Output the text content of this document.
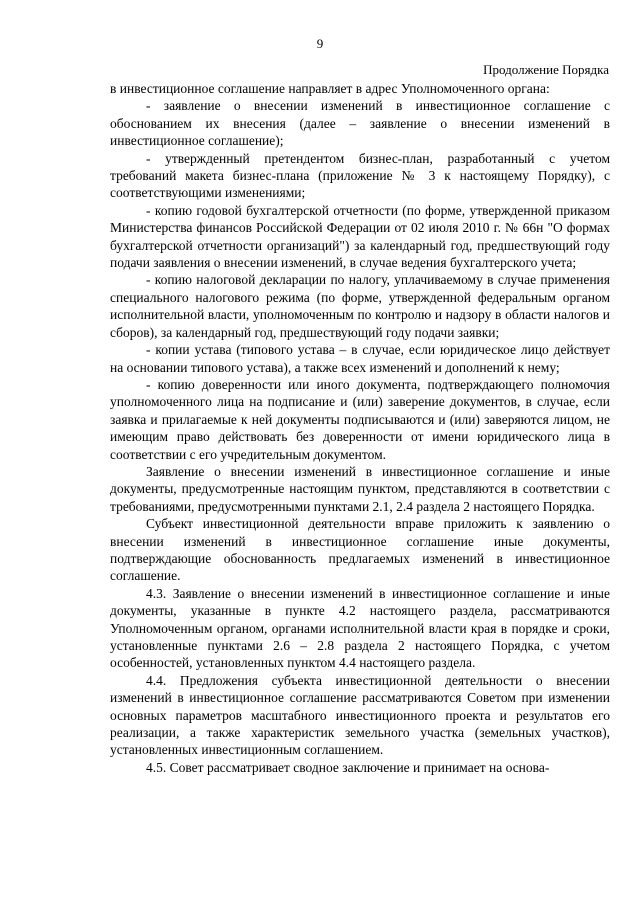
9
Продолжение Порядка

в инвестиционное соглашение направляет в адрес Уполномоченного органа:

- заявление о внесении изменений в инвестиционное соглашение с обоснованием их внесения (далее – заявление о внесении изменений в инвестиционное соглашение);

- утвержденный претендентом бизнес-план, разработанный с учетом требований макета бизнес-плана (приложение № 3 к настоящему Порядку), с соответствующими изменениями;

- копию годовой бухгалтерской отчетности (по форме, утвержденной приказом Министерства финансов Российской Федерации от 02 июля 2010 г. № 66н "О формах бухгалтерской отчетности организаций") за календарный год, предшествующий году подачи заявления о внесении изменений, в случае ведения бухгалтерского учета;

- копию налоговой декларации по налогу, уплачиваемому в случае применения специального налогового режима (по форме, утвержденной федеральным органом исполнительной власти, уполномоченным по контролю и надзору в области налогов и сборов), за календарный год, предшествующий году подачи заявки;

- копии устава (типового устава – в случае, если юридическое лицо действует на основании типового устава), а также всех изменений и дополнений к нему;

- копию доверенности или иного документа, подтверждающего полномочия уполномоченного лица на подписание и (или) заверение документов, в случае, если заявка и прилагаемые к ней документы подписываются и (или) заверяются лицом, не имеющим право действовать без доверенности от имени юридического лица в соответствии с его учредительным документом.

Заявление о внесении изменений в инвестиционное соглашение и иные документы, предусмотренные настоящим пунктом, представляются в соответствии с требованиями, предусмотренными пунктами 2.1, 2.4 раздела 2 настоящего Порядка.

Субъект инвестиционной деятельности вправе приложить к заявлению о внесении изменений в инвестиционное соглашение иные документы, подтверждающие обоснованность предлагаемых изменений в инвестиционное соглашение.

4.3. Заявление о внесении изменений в инвестиционное соглашение и иные документы, указанные в пункте 4.2 настоящего раздела, рассматриваются Уполномоченным органом, органами исполнительной власти края в порядке и сроки, установленные пунктами 2.6 – 2.8 раздела 2 настоящего Порядка, с учетом особенностей, установленных пунктом 4.4 настоящего раздела.

4.4. Предложения субъекта инвестиционной деятельности о внесении изменений в инвестиционное соглашение рассматриваются Советом при изменении основных параметров масштабного инвестиционного проекта и результатов его реализации, а также характеристик земельного участка (земельных участков), установленных инвестиционным соглашением.

4.5. Совет рассматривает сводное заключение и принимает на основа-
